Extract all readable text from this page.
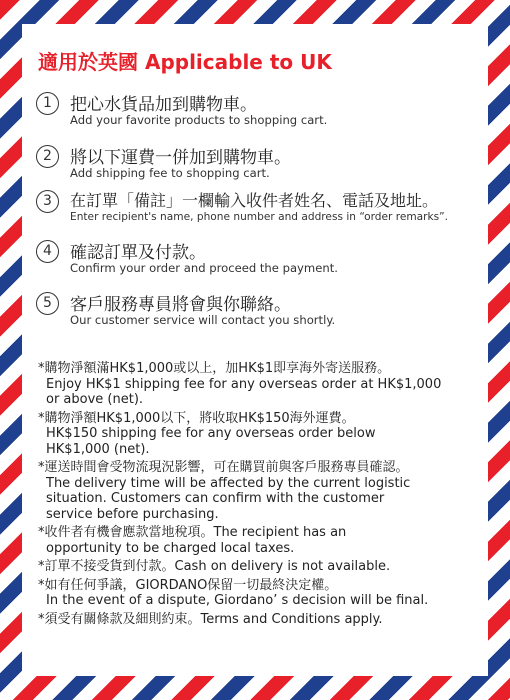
適用於英國 Applicable to UK
1	把心水貨品加到購物車。
Add your favorite products to shopping cart.
2	將以下運費一併加到購物車。
Add shipping fee to shopping cart.
3	在訂單「備註」一欄輸入收件者姓名、電話及地址。
Enter recipient's name, phone number and address in “order remarks”.
4	確認訂單及付款。
Confirm your order and proceed the payment.
5	客戶服務專員將會與你聯絡。
Our customer service will contact you shortly.
*購物淨額滿HK$1,000或以上，加HK$1即享海外寄送服務。
Enjoy HK$1 shipping fee for any overseas order at HK$1,000
or above (net).
*購物淨額HK$1,000以下，將收取HK$150海外運費。
HK$150 shipping fee for any overseas order below
HK$1,000 (net).
*運送時間會受物流現況影響，可在購買前與客戶服務專員確認。
The delivery time will be affected by the current logistic
situation. Customers can confirm with the customer
service before purchasing.
*收件者有機會應款當地稅項。The recipient has an
opportunity to be charged local taxes.
*訂單不接受貨到付款。Cash on delivery is not available.
*如有任何爭議，GIORDANO保留一切最終決定權。
In the event of a dispute, Giordano’ s decision will be final.
*須受有關條款及細則約束。Terms and Conditions apply.
